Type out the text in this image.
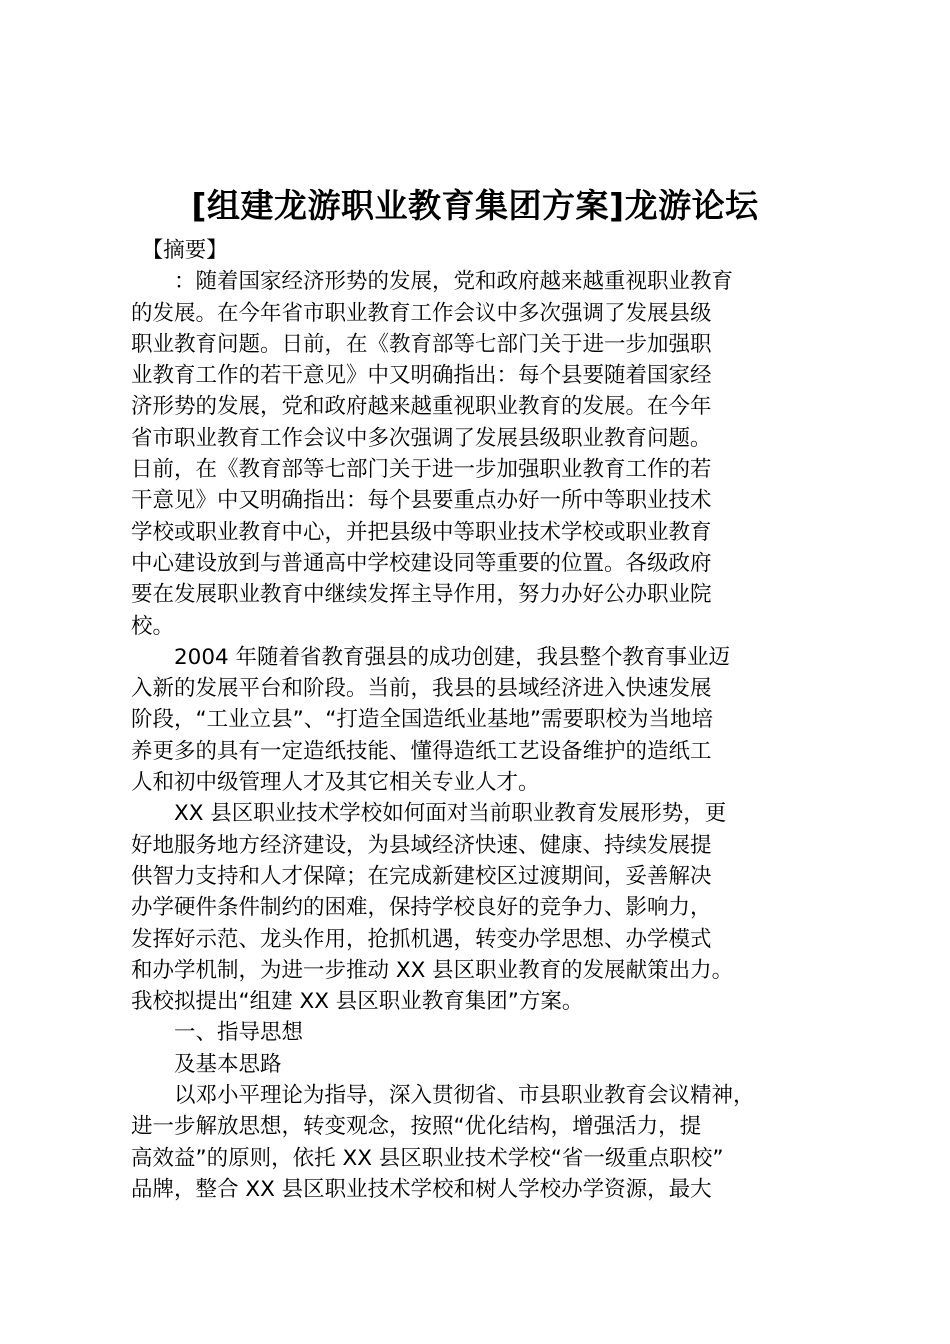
[组建龙游职业教育集团方案]龙游论坛
　【摘要】
　　：随着国家经济形势的发展，党和政府越来越重视职业教育
的发展。在今年省市职业教育工作会议中多次强调了发展县级
职业教育问题。日前，在《教育部等七部门关于进一步加强职
业教育工作的若干意见》中又明确指出：每个县要随着国家经
济形势的发展，党和政府越来越重视职业教育的发展。在今年
省市职业教育工作会议中多次强调了发展县级职业教育问题。
日前，在《教育部等七部门关于进一步加强职业教育工作的若
干意见》中又明确指出：每个县要重点办好一所中等职业技术
学校或职业教育中心，并把县级中等职业技术学校或职业教育
中心建设放到与普通高中学校建设同等重要的位置。各级政府
要在发展职业教育中继续发挥主导作用，努力办好公办职业院
校。
　　2004 年随着省教育强县的成功创建，我县整个教育事业迈
入新的发展平台和阶段。当前，我县的县域经济进入快速发展
阶段，“工业立县”、“打造全国造纸业基地”需要职校为当地培
养更多的具有一定造纸技能、懂得造纸工艺设备维护的造纸工
人和初中级管理人才及其它相关专业人才。
　　XX 县区职业技术学校如何面对当前职业教育发展形势，更
好地服务地方经济建设，为县域经济快速、健康、持续发展提
供智力支持和人才保障；在完成新建校区过渡期间，妥善解决
办学硬件条件制约的困难，保持学校良好的竞争力、影响力，
发挥好示范、龙头作用，抢抓机遇，转变办学思想、办学模式
和办学机制，为进一步推动 XX 县区职业教育的发展献策出力。
我校拟提出“组建 XX 县区职业教育集团”方案。
　　一、指导思想
　　及基本思路
　　以邓小平理论为指导，深入贯彻省、市县职业教育会议精神，
进一步解放思想，转变观念，按照“优化结构，增强活力，提
高效益”的原则，依托 XX 县区职业技术学校“省一级重点职校”
品牌，整合 XX 县区职业技术学校和树人学校办学资源，最大
